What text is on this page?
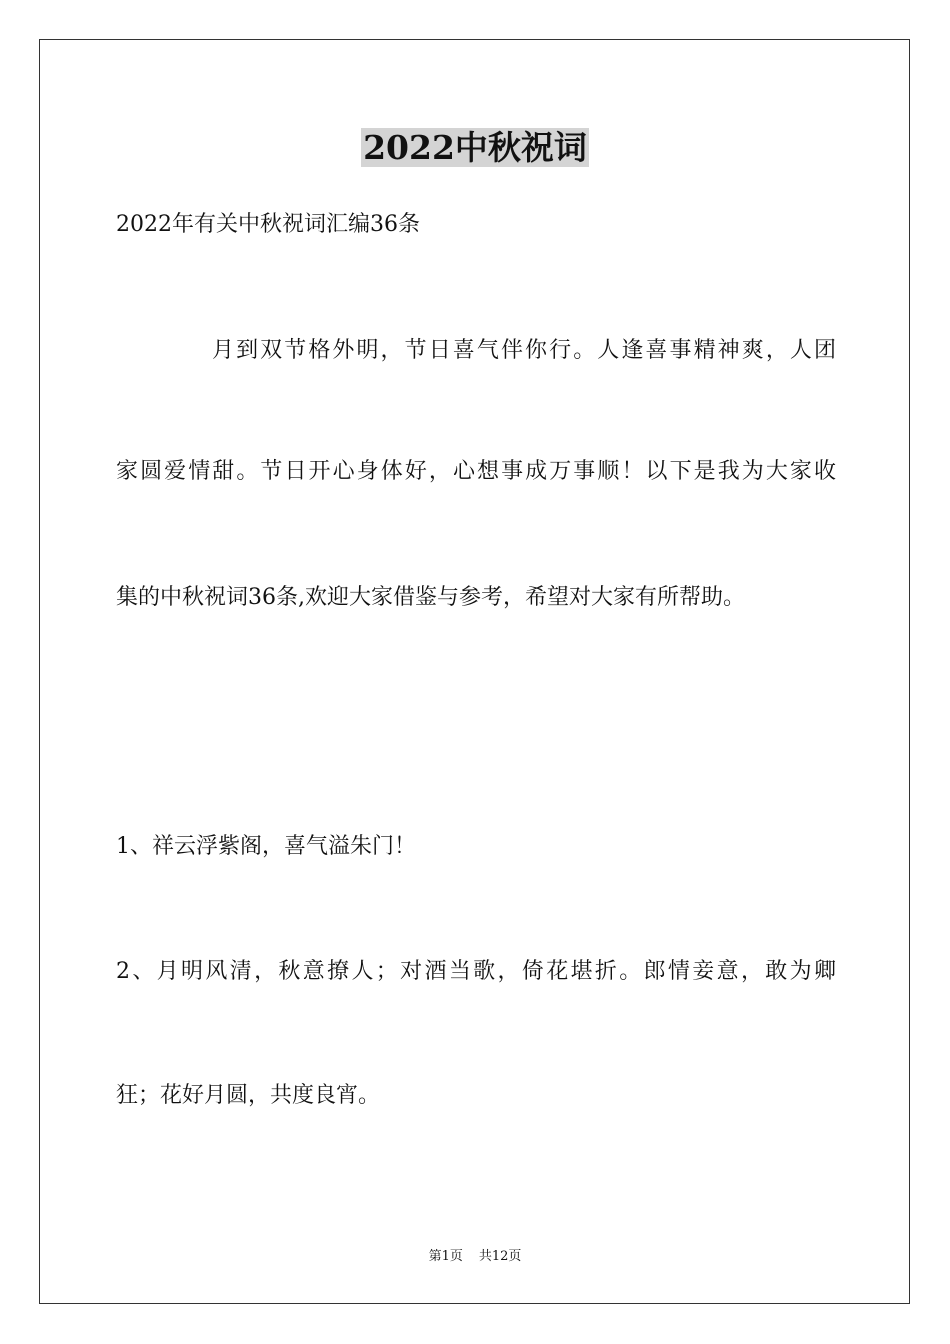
2022中秋祝词

2022年有关中秋祝词汇编36条

月到双节格外明，节日喜气伴你行。人逢喜事精神爽，人团

家圆爱情甜。节日开心身体好，心想事成万事顺！以下是我为大家收

集的中秋祝词36条,欢迎大家借鉴与参考，希望对大家有所帮助。

1、祥云浮紫阁，喜气溢朱门！

2、月明风清，秋意撩人；对酒当歌，倚花堪折。郎情妾意，敢为卿

狂；花好月圆，共度良宵。

第1页 共12页
